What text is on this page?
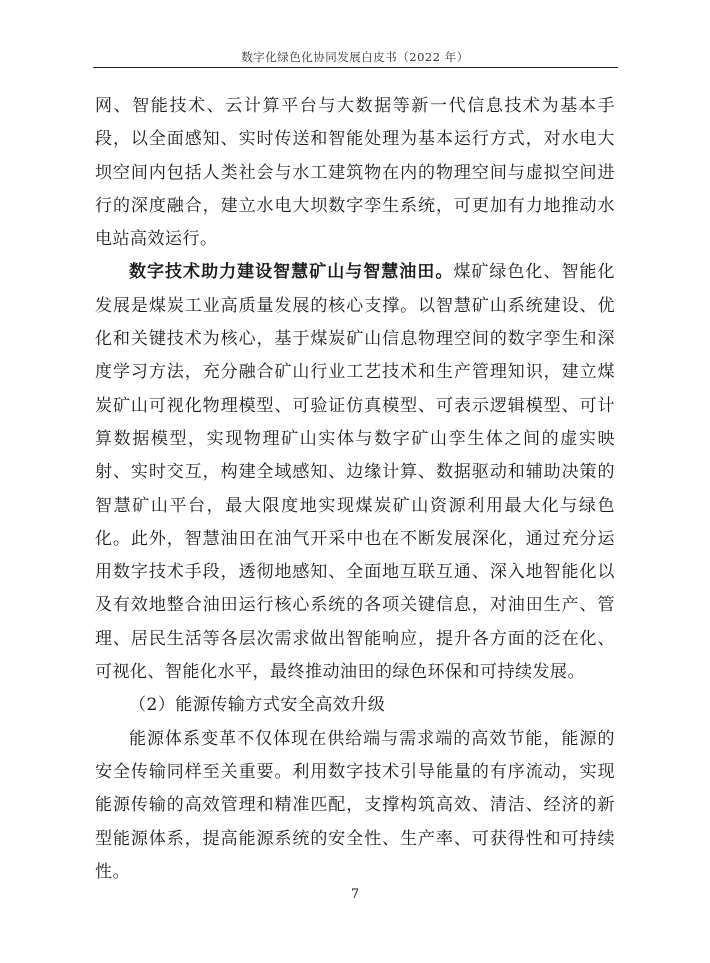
数字化绿色化协同发展白皮书（2022 年）

网、智能技术、云计算平台与大数据等新一代信息技术为基本手段，以全面感知、实时传送和智能处理为基本运行方式，对水电大坝空间内包括人类社会与水工建筑物在内的物理空间与虚拟空间进行的深度融合，建立水电大坝数字孪生系统，可更加有力地推动水电站高效运行。

数字技术助力建设智慧矿山与智慧油田。煤矿绿色化、智能化发展是煤炭工业高质量发展的核心支撑。以智慧矿山系统建设、优化和关键技术为核心，基于煤炭矿山信息物理空间的数字孪生和深度学习方法，充分融合矿山行业工艺技术和生产管理知识，建立煤炭矿山可视化物理模型、可验证仿真模型、可表示逻辑模型、可计算数据模型，实现物理矿山实体与数字矿山孪生体之间的虚实映射、实时交互，构建全域感知、边缘计算、数据驱动和辅助决策的智慧矿山平台，最大限度地实现煤炭矿山资源利用最大化与绿色化。此外，智慧油田在油气开采中也在不断发展深化，通过充分运用数字技术手段，透彻地感知、全面地互联互通、深入地智能化以及有效地整合油田运行核心系统的各项关键信息，对油田生产、管理、居民生活等各层次需求做出智能响应，提升各方面的泛在化、可视化、智能化水平，最终推动油田的绿色环保和可持续发展。

（2）能源传输方式安全高效升级

能源体系变革不仅体现在供给端与需求端的高效节能，能源的安全传输同样至关重要。利用数字技术引导能量的有序流动，实现能源传输的高效管理和精准匹配，支撑构筑高效、清洁、经济的新型能源体系，提高能源系统的安全性、生产率、可获得性和可持续性。

7
